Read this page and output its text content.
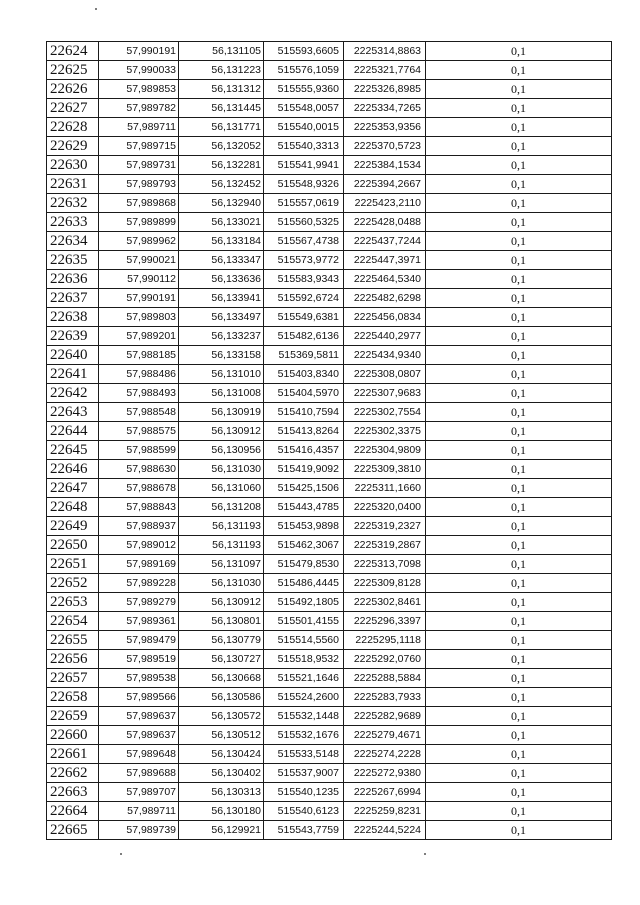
22624	57,990191	56,131105	515593,6605	2225314,8863	0,1
22625	57,990033	56,131223	515576,1059	2225321,7764	0,1
22626	57,989853	56,131312	515555,9360	2225326,8985	0,1
22627	57,989782	56,131445	515548,0057	2225334,7265	0,1
22628	57,989711	56,131771	515540,0015	2225353,9356	0,1
22629	57,989715	56,132052	515540,3313	2225370,5723	0,1
22630	57,989731	56,132281	515541,9941	2225384,1534	0,1
22631	57,989793	56,132452	515548,9326	2225394,2667	0,1
22632	57,989868	56,132940	515557,0619	2225423,2110	0,1
22633	57,989899	56,133021	515560,5325	2225428,0488	0,1
22634	57,989962	56,133184	515567,4738	2225437,7244	0,1
22635	57,990021	56,133347	515573,9772	2225447,3971	0,1
22636	57,990112	56,133636	515583,9343	2225464,5340	0,1
22637	57,990191	56,133941	515592,6724	2225482,6298	0,1
22638	57,989803	56,133497	515549,6381	2225456,0834	0,1
22639	57,989201	56,133237	515482,6136	2225440,2977	0,1
22640	57,988185	56,133158	515369,5811	2225434,9340	0,1
22641	57,988486	56,131010	515403,8340	2225308,0807	0,1
22642	57,988493	56,131008	515404,5970	2225307,9683	0,1
22643	57,988548	56,130919	515410,7594	2225302,7554	0,1
22644	57,988575	56,130912	515413,8264	2225302,3375	0,1
22645	57,988599	56,130956	515416,4357	2225304,9809	0,1
22646	57,988630	56,131030	515419,9092	2225309,3810	0,1
22647	57,988678	56,131060	515425,1506	2225311,1660	0,1
22648	57,988843	56,131208	515443,4785	2225320,0400	0,1
22649	57,988937	56,131193	515453,9898	2225319,2327	0,1
22650	57,989012	56,131193	515462,3067	2225319,2867	0,1
22651	57,989169	56,131097	515479,8530	2225313,7098	0,1
22652	57,989228	56,131030	515486,4445	2225309,8128	0,1
22653	57,989279	56,130912	515492,1805	2225302,8461	0,1
22654	57,989361	56,130801	515501,4155	2225296,3397	0,1
22655	57,989479	56,130779	515514,5560	2225295,1118	0,1
22656	57,989519	56,130727	515518,9532	2225292,0760	0,1
22657	57,989538	56,130668	515521,1646	2225288,5884	0,1
22658	57,989566	56,130586	515524,2600	2225283,7933	0,1
22659	57,989637	56,130572	515532,1448	2225282,9689	0,1
22660	57,989637	56,130512	515532,1676	2225279,4671	0,1
22661	57,989648	56,130424	515533,5148	2225274,2228	0,1
22662	57,989688	56,130402	515537,9007	2225272,9380	0,1
22663	57,989707	56,130313	515540,1235	2225267,6994	0,1
22664	57,989711	56,130180	515540,6123	2225259,8231	0,1
22665	57,989739	56,129921	515543,7759	2225244,5224	0,1
